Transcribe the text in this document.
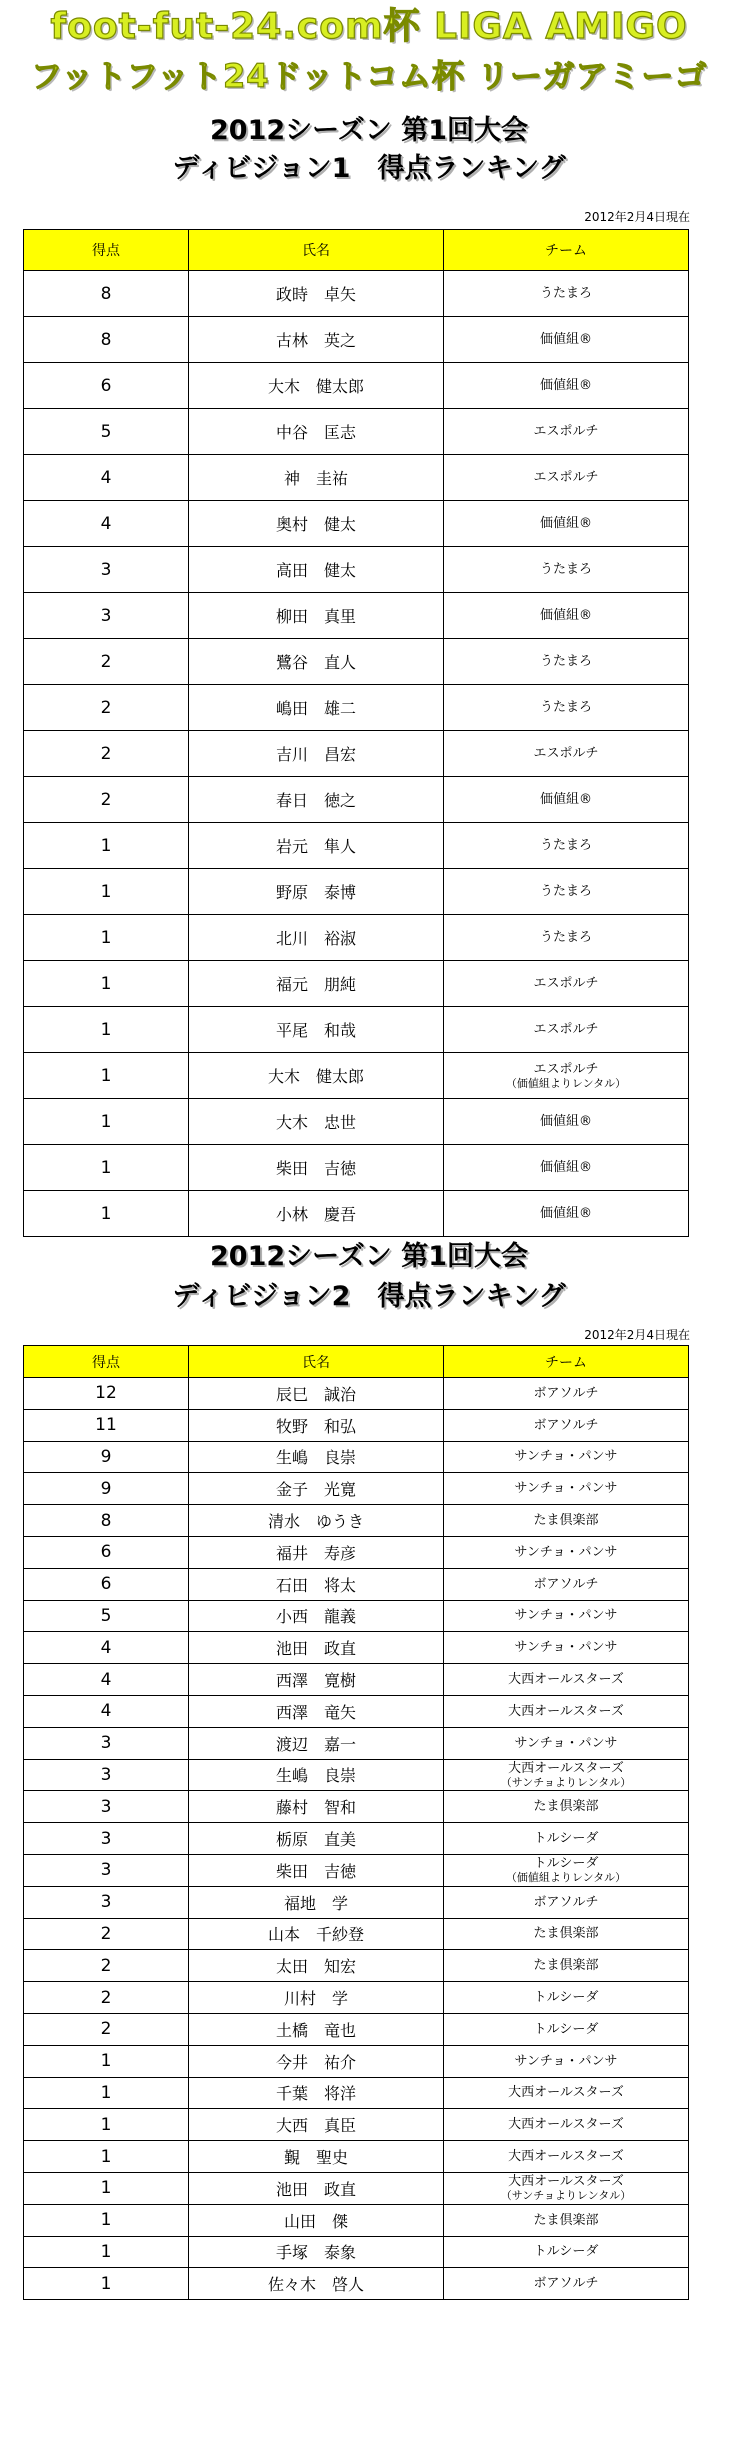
foot-fut-24.com杯 LIGA AMIGO
フットフット24ドットコム杯 リーガアミーゴ
2012シーズン 第1回大会
ディビジョン1　得点ランキング
2012年2月4日現在
得点	氏名	チーム
8	政時　卓矢	うたまろ
8	古林　英之	価値組®
6	大木　健太郎	価値組®
5	中谷　匡志	エスポルチ
4	神　圭祐	エスポルチ
4	奥村　健太	価値組®
3	高田　健太	うたまろ
3	柳田　真里	価値組®
2	鷺谷　直人	うたまろ
2	嶋田　雄二	うたまろ
2	吉川　昌宏	エスポルチ
2	春日　徳之	価値組®
1	岩元　隼人	うたまろ
1	野原　泰博	うたまろ
1	北川　裕淑	うたまろ
1	福元　朋純	エスポルチ
1	平尾　和哉	エスポルチ
1	大木　健太郎	エスポルチ
（価値組よりレンタル）

1	大木　忠世	価値組®
1	柴田　吉徳	価値組®
1	小林　慶吾	価値組®
2012シーズン 第1回大会
ディビジョン2　得点ランキング
2012年2月4日現在
得点	氏名	チーム
12	辰巳　誠治	ボアソルチ
11	牧野　和弘	ボアソルチ
9	生嶋　良崇	サンチョ・パンサ
9	金子　光寛	サンチョ・パンサ
8	清水　ゆうき	たま倶楽部
6	福井　寿彦	サンチョ・パンサ
6	石田　将太	ボアソルチ
5	小西　龍義	サンチョ・パンサ
4	池田　政直	サンチョ・パンサ
4	西澤　寛樹	大西オールスターズ
4	西澤　竜矢	大西オールスターズ
3	渡辺　嘉一	サンチョ・パンサ
3	生嶋　良崇	大西オールスターズ
（サンチョよりレンタル）

3	藤村　智和	たま倶楽部
3	栃原　直美	トルシーダ
3	柴田　吉徳	トルシーダ
（価値組よりレンタル）

3	福地　学	ボアソルチ
2	山本　千紗登	たま倶楽部
2	太田　知宏	たま倶楽部
2	川村　学	トルシーダ
2	土橋　竜也	トルシーダ
1	今井　祐介	サンチョ・パンサ
1	千葉　将洋	大西オールスターズ
1	大西　真臣	大西オールスターズ
1	覲　聖史	大西オールスターズ
1	池田　政直	大西オールスターズ
（サンチョよりレンタル）

1	山田　傑	たま倶楽部
1	手塚　泰象	トルシーダ
1	佐々木　啓人	ボアソルチ
